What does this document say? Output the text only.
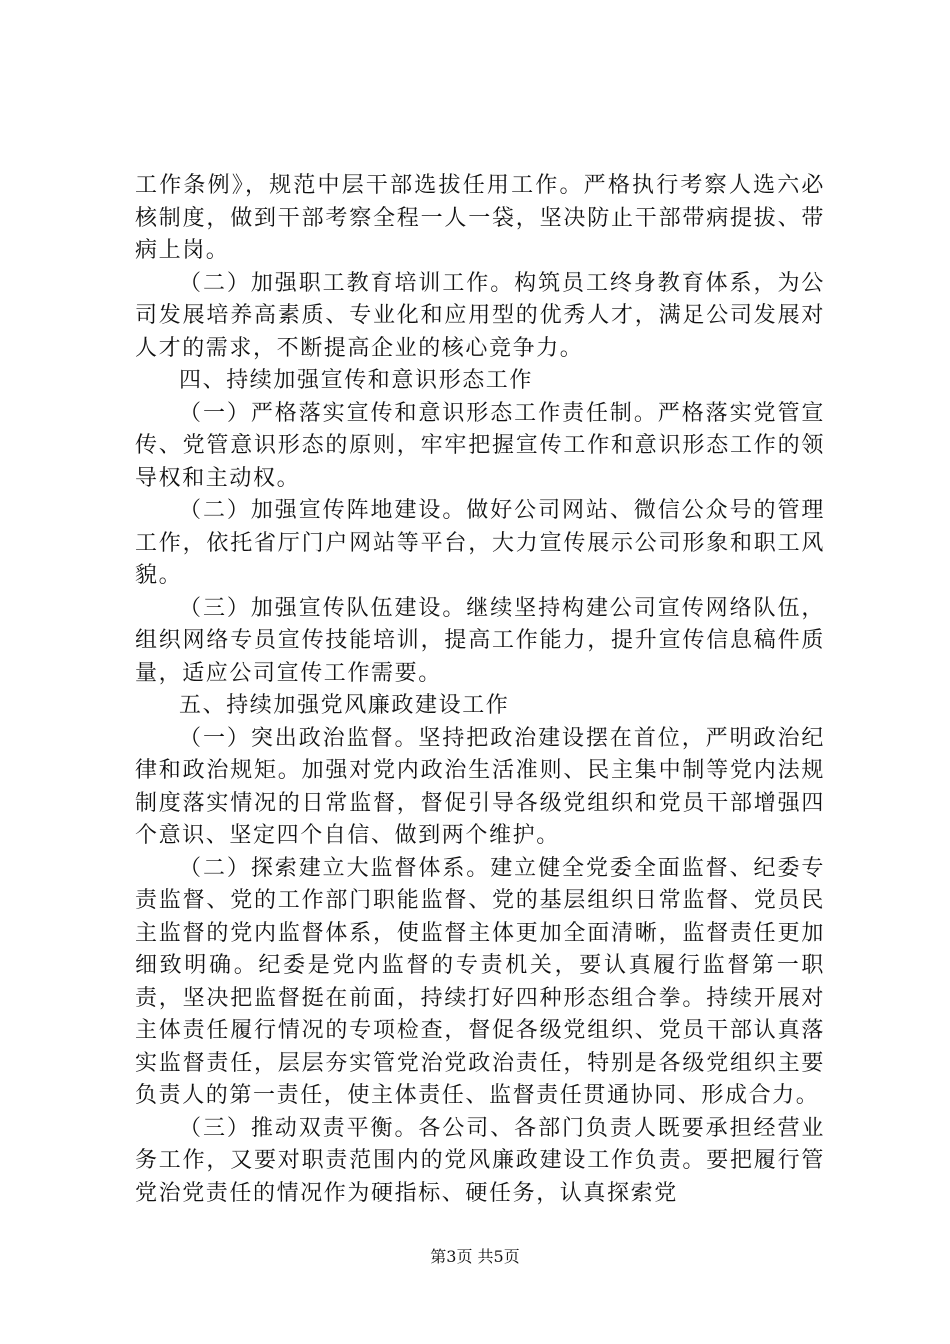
工作条例》，规范中层干部选拔任用工作。严格执行考察人选六必核制度，做到干部考察全程一人一袋，坚决防止干部带病提拔、带病上岗。

（二）加强职工教育培训工作。构筑员工终身教育体系，为公司发展培养高素质、专业化和应用型的优秀人才，满足公司发展对人才的需求，不断提高企业的核心竞争力。

四、持续加强宣传和意识形态工作

（一）严格落实宣传和意识形态工作责任制。严格落实党管宣传、党管意识形态的原则，牢牢把握宣传工作和意识形态工作的领导权和主动权。

（二）加强宣传阵地建设。做好公司网站、微信公众号的管理工作，依托省厅门户网站等平台，大力宣传展示公司形象和职工风貌。

（三）加强宣传队伍建设。继续坚持构建公司宣传网络队伍，组织网络专员宣传技能培训，提高工作能力，提升宣传信息稿件质量，适应公司宣传工作需要。

五、持续加强党风廉政建设工作

（一）突出政治监督。坚持把政治建设摆在首位，严明政治纪律和政治规矩。加强对党内政治生活准则、民主集中制等党内法规制度落实情况的日常监督，督促引导各级党组织和党员干部增强四个意识、坚定四个自信、做到两个维护。

（二）探索建立大监督体系。建立健全党委全面监督、纪委专责监督、党的工作部门职能监督、党的基层组织日常监督、党员民主监督的党内监督体系，使监督主体更加全面清晰，监督责任更加细致明确。纪委是党内监督的专责机关，要认真履行监督第一职责，坚决把监督挺在前面，持续打好四种形态组合拳。持续开展对主体责任履行情况的专项检查，督促各级党组织、党员干部认真落实监督责任，层层夯实管党治党政治责任，特别是各级党组织主要负责人的第一责任，使主体责任、监督责任贯通协同、形成合力。

（三）推动双责平衡。各公司、各部门负责人既要承担经营业务工作，又要对职责范围内的党风廉政建设工作负责。要把履行管党治党责任的情况作为硬指标、硬任务，认真探索党

第3页 共5页
